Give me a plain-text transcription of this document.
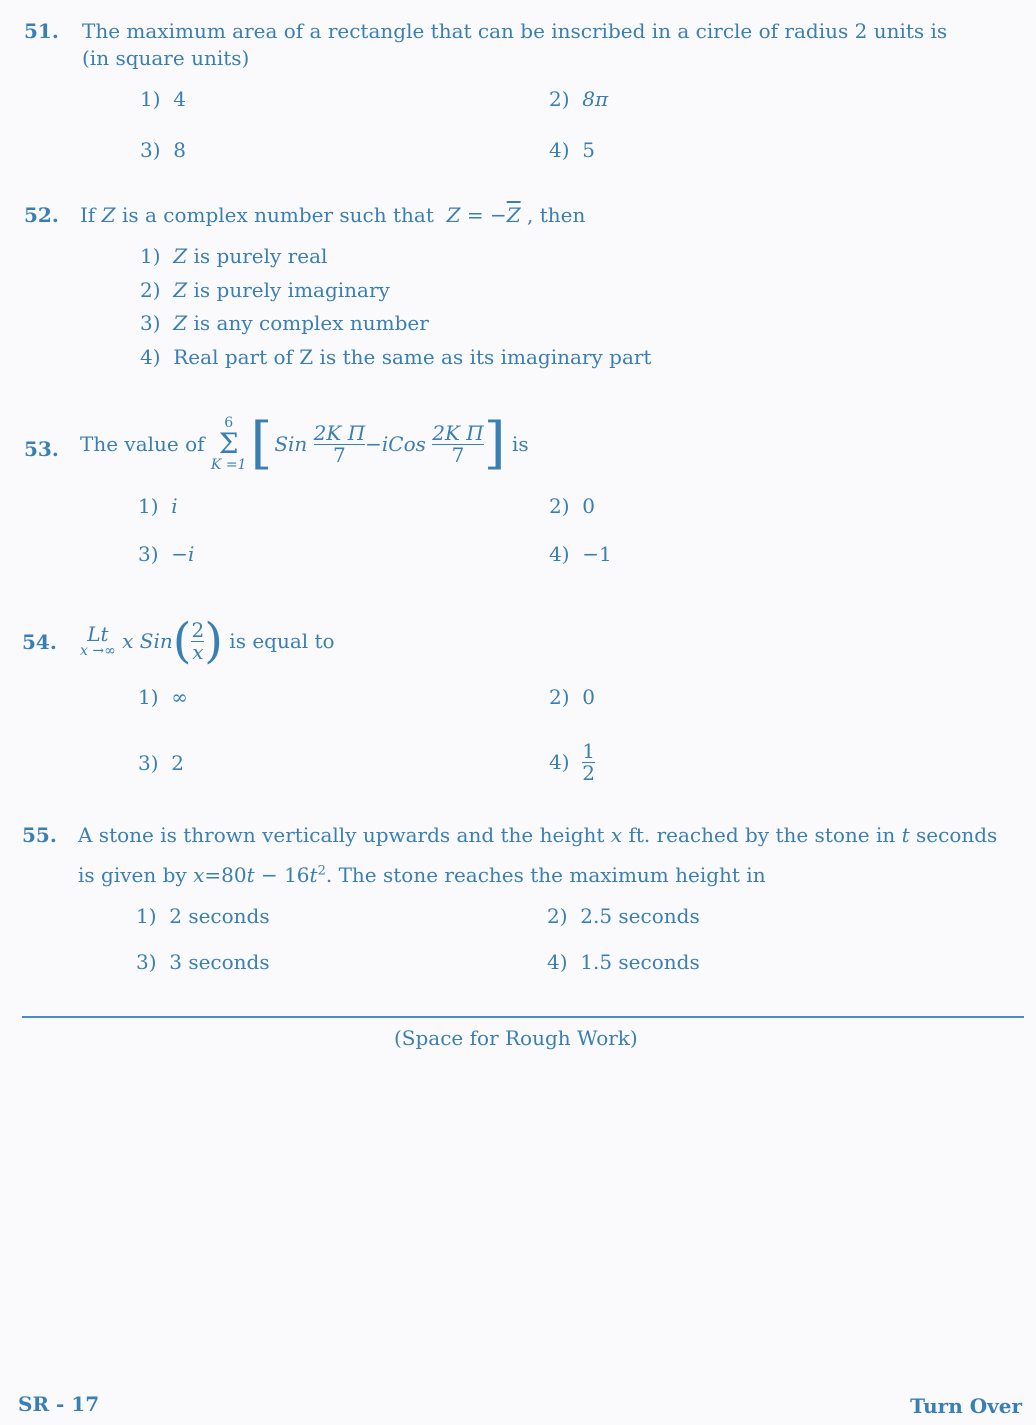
51. The maximum area of a rectangle that can be inscribed in a circle of radius 2 units is
(in square units)
1) 4	2) 8π
3) 8	4) 5
52. If Z is a complex number such that $Z = -\overline{Z}$ , then
1) Z is purely real
2) Z is purely imaginary
3) Z is any complex number
4) Real part of Z is the same as its imaginary part
53. The value of

6
Σ
K =1 [ Sin
$\frac{\text{2K Π}}{7} -i$ Cos
$\frac{\text{2K Π}}{7}$ ]
is
1) i	2) 0
3) −i	4) −1
54. Lt
x →∞
x
Sin ( $\frac{2}{x}$ )
is equal to
1) ∞	2) 0
3) 2	4)
$\frac{1}{2}$
55. A stone is thrown vertically upwards and the height x ft. reached by the stone in t seconds
is given by $x=80t - 16t^2$. The stone reaches the maximum height in
1) 2 seconds	2) 2.5 seconds
3) 3 seconds	4) 1.5 seconds
(Space for Rough Work)
SR - 17	Turn Over
